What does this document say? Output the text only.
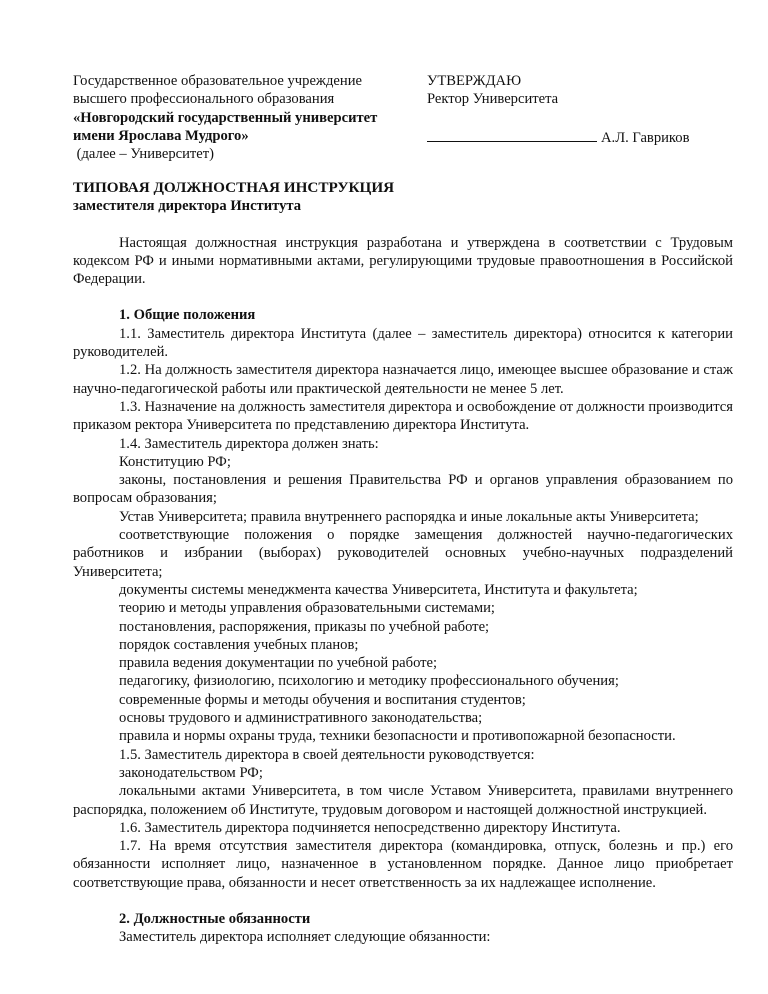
Государственное образовательное учреждение
высшего профессионального образования
«Новгородский государственный университет
имени Ярослава Мудрого»
(далее – Университет)
УТВЕРЖДАЮ
Ректор Университета
А.Л. Гавриков
ТИПОВАЯ ДОЛЖНОСТНАЯ ИНСТРУКЦИЯ
заместителя директора Института

Настоящая должностная инструкция разработана и утверждена в соответствии с Трудовым кодексом РФ и иными нормативными актами, регулирующими трудовые правоотношения в Российской Федерации.

1. Общие положения

1.1. Заместитель директора Института (далее – заместитель директора) относится к категории руководителей.

1.2. На должность заместителя директора назначается лицо, имеющее высшее образование и стаж научно-педагогической работы или практической деятельности не менее 5 лет.

1.3. Назначение на должность заместителя директора и освобождение от должности производится приказом ректора Университета по представлению директора Института.

1.4. Заместитель директора должен знать:

Конституцию РФ;

законы, постановления и решения Правительства РФ и органов управления образованием по вопросам образования;

Устав Университета; правила внутреннего распорядка и иные локальные акты Университета;

соответствующие положения о порядке замещения должностей научно-педагогических работников и избрании (выборах) руководителей основных учебно-научных подразделений Университета;

документы системы менеджмента качества Университета, Института и факультета;

теорию и методы управления образовательными системами;

постановления, распоряжения, приказы по учебной работе;

порядок составления учебных планов;

правила ведения документации по учебной работе;

педагогику, физиологию, психологию и методику профессионального обучения;

современные формы и методы обучения и воспитания студентов;

основы трудового и административного законодательства;

правила и нормы охраны труда, техники безопасности и противопожарной безопасности.

1.5. Заместитель директора в своей деятельности руководствуется:

законодательством РФ;

локальными актами Университета, в том числе Уставом Университета, правилами внутреннего распорядка, положением об Институте, трудовым договором и настоящей должностной инструкцией.

1.6. Заместитель директора подчиняется непосредственно директору Института.

1.7. На время отсутствия заместителя директора (командировка, отпуск, болезнь и пр.) его обязанности исполняет лицо, назначенное в установленном порядке. Данное лицо приобретает соответствующие права, обязанности и несет ответственность за их надлежащее исполнение.

2. Должностные обязанности

Заместитель директора исполняет следующие обязанности:
